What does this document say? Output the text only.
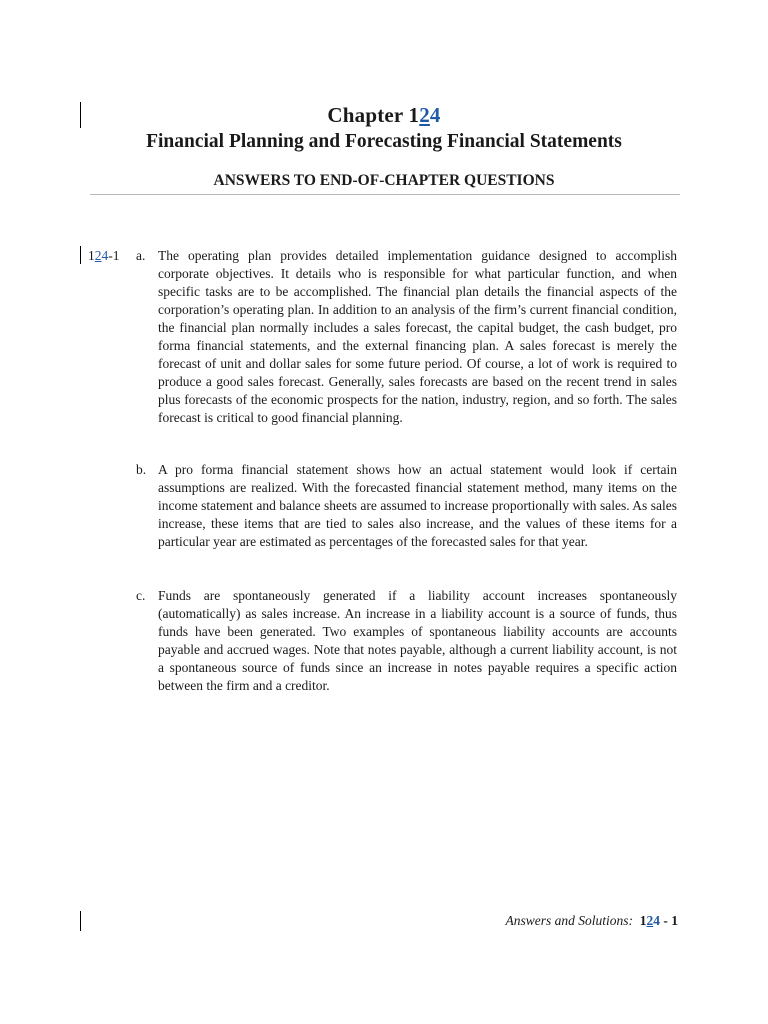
Chapter 124
Financial Planning and Forecasting Financial Statements
ANSWERS TO END-OF-CHAPTER QUESTIONS
124-1 a. The operating plan provides detailed implementation guidance designed to accomplish corporate objectives. It details who is responsible for what particular function, and when specific tasks are to be accomplished. The financial plan details the financial aspects of the corporation’s operating plan. In addition to an analysis of the firm’s current financial condition, the financial plan normally includes a sales forecast, the capital budget, the cash budget, pro forma financial statements, and the external financing plan. A sales forecast is merely the forecast of unit and dollar sales for some future period. Of course, a lot of work is required to produce a good sales forecast. Generally, sales forecasts are based on the recent trend in sales plus forecasts of the economic prospects for the nation, industry, region, and so forth. The sales forecast is critical to good financial planning.
b. A pro forma financial statement shows how an actual statement would look if certain assumptions are realized. With the forecasted financial statement method, many items on the income statement and balance sheets are assumed to increase proportionally with sales. As sales increase, these items that are tied to sales also increase, and the values of these items for a particular year are estimated as percentages of the forecasted sales for that year.
c. Funds are spontaneously generated if a liability account increases spontaneously (automatically) as sales increase. An increase in a liability account is a source of funds, thus funds have been generated. Two examples of spontaneous liability accounts are accounts payable and accrued wages. Note that notes payable, although a current liability account, is not a spontaneous source of funds since an increase in notes payable requires a specific action between the firm and a creditor.
Answers and Solutions: 124 - 1
